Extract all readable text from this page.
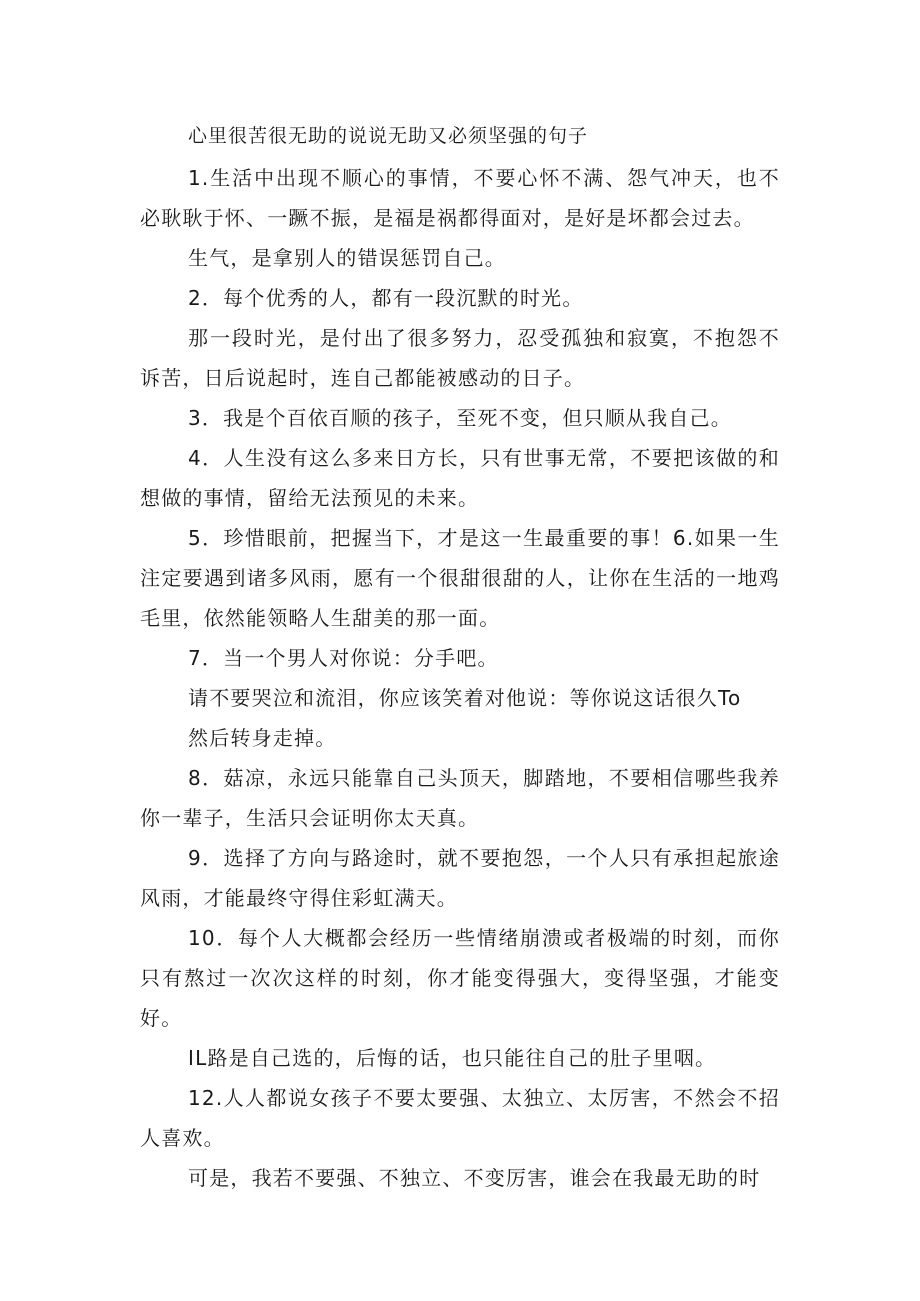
心里很苦很无助的说说无助又必须坚强的句子

1.生活中出现不顺心的事情，不要心怀不满、怨气冲天，也不必耿耿于怀、一蹶不振，是福是祸都得面对，是好是坏都会过去。

生气，是拿别人的错误惩罚自己。

2．每个优秀的人，都有一段沉默的时光。

那一段时光，是付出了很多努力，忍受孤独和寂寞，不抱怨不诉苦，日后说起时，连自己都能被感动的日子。

3．我是个百依百顺的孩子，至死不变，但只顺从我自己。

4．人生没有这么多来日方长，只有世事无常，不要把该做的和想做的事情，留给无法预见的未来。

5．珍惜眼前，把握当下，才是这一生最重要的事！6.如果一生注定要遇到诸多风雨，愿有一个很甜很甜的人，让你在生活的一地鸡毛里，依然能领略人生甜美的那一面。

7．当一个男人对你说：分手吧。

请不要哭泣和流泪，你应该笑着对他说：等你说这话很久To

然后转身走掉。

8．菇凉，永远只能靠自己头顶天，脚踏地，不要相信哪些我养你一辈子，生活只会证明你太天真。

9．选择了方向与路途时，就不要抱怨，一个人只有承担起旅途风雨，才能最终守得住彩虹满天。

10．每个人大概都会经历一些情绪崩溃或者极端的时刻，而你只有熬过一次次这样的时刻，你才能变得强大，变得坚强，才能变好。

IL路是自己选的，后悔的话，也只能往自己的肚子里咽。

12.人人都说女孩子不要太要强、太独立、太厉害，不然会不招人喜欢。

可是，我若不要强、不独立、不变厉害，谁会在我最无助的时
